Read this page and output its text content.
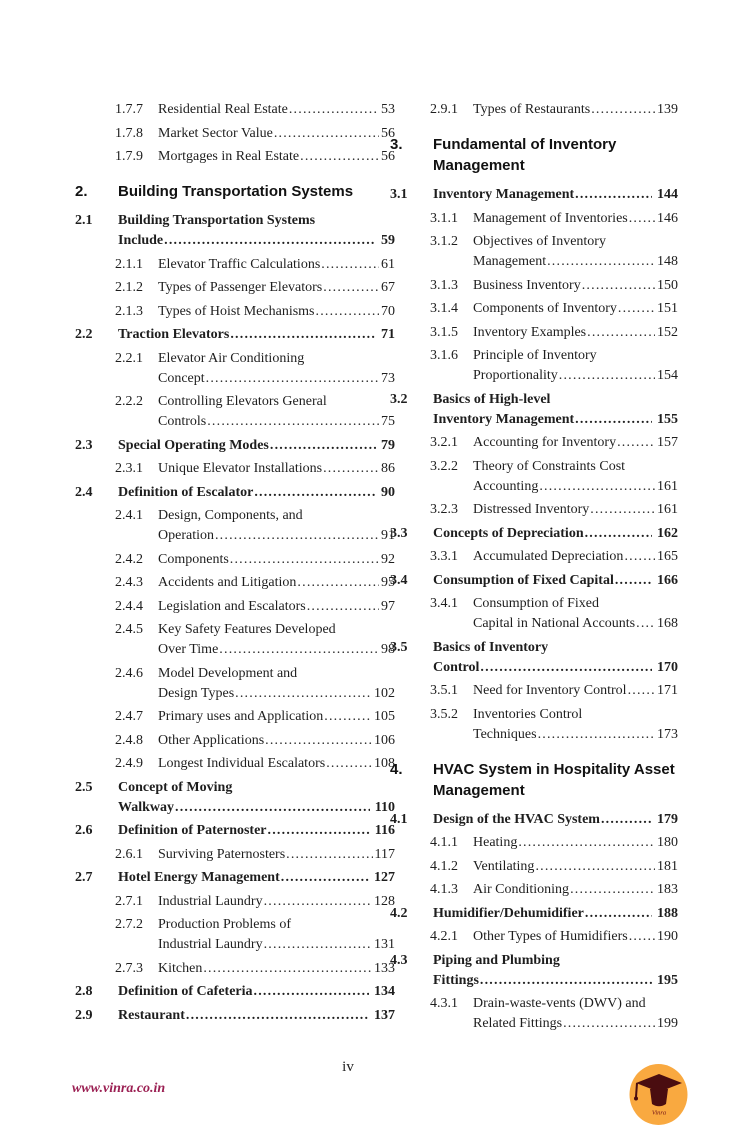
1.7.7	Residential Real Estate .....	53
1.7.8	Market Sector Value .....	56
1.7.9	Mortgages in Real Estate .....	56
2.	Building Transportation Systems
2.1	Building Transportation Systems
Include .....	59
2.1.1	Elevator Traffic Calculations .....	61
2.1.2	Types of Passenger Elevators .....	67
2.1.3	Types of Hoist Mechanisms .....	70
2.2	Traction Elevators .....	71
2.2.1	Elevator Air Conditioning
Concept .....	73
2.2.2	Controlling Elevators General
Controls .....	75
2.3	Special Operating Modes .....	79
2.3.1	Unique Elevator Installations .....	86
2.4	Definition of Escalator .....	90
2.4.1	Design, Components, and
Operation .....	91
2.4.2	Components .....	92
2.4.3	Accidents and Litigation .....	95
2.4.4	Legislation and Escalators .....	97
2.4.5	Key Safety Features Developed
Over Time .....	98
2.4.6	Model Development and
Design Types .....	102
2.4.7	Primary uses and Application .....	105
2.4.8	Other Applications .....	106
2.4.9	Longest Individual Escalators .....	108
2.5	Concept of Moving
Walkway .....	110
2.6	Definition of Paternoster .....	116
2.6.1	Surviving Paternosters .....	117
2.7	Hotel Energy Management .....	127
2.7.1	Industrial Laundry .....	128
2.7.2	Production Problems of
Industrial Laundry .....	131
2.7.3	Kitchen .....	133
2.8	Definition of Cafeteria .....	134
2.9	Restaurant .....	137
2.9.1	Types of Restaurants .....	139
3.	Fundamental of Inventory
Management
3.1	Inventory Management .....	144
3.1.1	Management of Inventories ..... 146
3.1.2	Objectives of Inventory
Management .....	148
3.1.3	Business Inventory .....	150
3.1.4	Components of Inventory .....	151
3.1.5	Inventory Examples .....	152
3.1.6	Principle of Inventory
Proportionality .....	154
3.2	Basics of High-level
Inventory Management .....	155
3.2.1	Accounting for Inventory .....	157
3.2.2	Theory of Constraints Cost
Accounting .....	161
3.2.3	Distressed Inventory .....	161
3.3	Concepts of Depreciation .....	162
3.3.1	Accumulated Depreciation ..... 165
3.4	Consumption of Fixed Capital .....	166
3.4.1	Consumption of Fixed
Capital in National Accounts ..... 168
3.5	Basics of Inventory
Control .....	170
3.5.1	Need for Inventory Control ..... 171
3.5.2	Inventories Control
Techniques .....	173
4.	HVAC System in Hospitality Asset
Management
4.1	Design of the HVAC System .....	179
4.1.1	Heating .....	180
4.1.2	Ventilating .....	181
4.1.3	Air Conditioning .....	183
4.2	Humidifier/Dehumidifier .....	188
4.2.1	Other Types of Humidifiers ..... 190
4.3	Piping and Plumbing
Fittings .....	195
4.3.1	Drain-waste-vents (DWV) and
Related Fittings .....	199
iv
www.vinra.co.in
Vinra
